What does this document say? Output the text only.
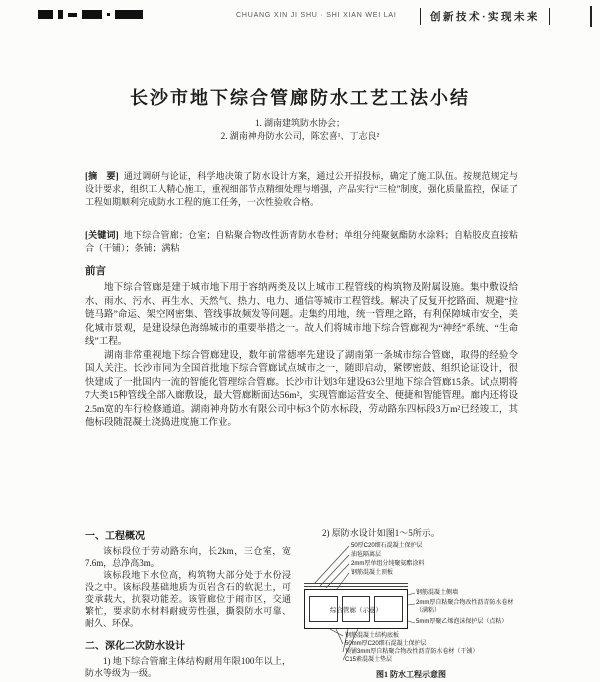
CHUANG XIN JI SHU · SHI XIAN WEI LAI	创新技术·实现未来
长沙市地下综合管廊防水工艺工法小结
1. 湖南建筑防水协会；
2. 湖南神舟防水公司，陈宏喜¹、丁志良²

[摘　要] 通过调研与论证，科学地决策了防水设计方案，通过公开招投标，确定了施工队伍。按规范规定与设计要求，组织工人精心施工，重视细部节点精细处理与增强，产品实行“三检”制度，强化质量监控，保证了工程如期顺利完成防水工程的施工任务，一次性验收合格。

[关键词] 地下综合管廊；仓室；自粘聚合物改性沥青防水卷材；单组分纯聚氨酯防水涂料；自粘胶皮直接粘合（干铺）；条铺；满粘

前言

地下综合管廊是建于城市地下用于容纳两类及以上城市工程管线的构筑物及附属设施。集中敷设给水、雨水、污水、再生水、天然气、热力、电力、通信等城市工程管线。解决了反复开挖路面、规避“拉链马路”命运、架空网密集、管线事故频发等问题。走集约用地，统一管理之路，有利保障城市安全，美化城市景观，是建设绿色海绵城市的重要举措之一。故人们将城市地下综合管廊视为“神经”系统、“生命线”工程。

湖南非常重视地下综合管廊建设，数年前常德率先建设了湖南第一条城市综合管廊，取得的经验令国人关注。长沙市同为全国首批地下综合管廊试点城市之一，随即启动，紧锣密鼓、组织论证设计，很快建成了一批国内一流的智能化管理综合管廊。长沙市计划3年建设63公里地下综合管廊15条。试点期将7大类15种管线全部入廊敷设，最大管廊断面达56m²，实现管廊运营安全、便捷和智能管理。廊内还将设2.5m宽的车行检修通道。湖南神舟防水有限公司中标3个防水标段，劳动路东四标段3万m²已经竣工，其他标段随混凝土浇捣进度施工作业。

一、工程概况

该标段位于劳动路东向，长2km，三仓室，宽7.6m，总净高3m。

该标段地下水位高，构筑物大部分处于水份浸没之中。该标段基础地质为页岩含石的软泥土，可变承载大，抗裂功能差。该管廊位于闹市区，交通繁忙，要求防水材料耐疲劳性强，撕裂防水可靠、耐久、环保。

二、深化二次防水设计

1) 地下综合管廊主体结构耐用年限100年以上，防水等级为一级。

2) 原防水设计如图1～5所示。

综合管廊（示意）
50厚C20细石混凝土保护层
油毡隔离层
2mm厚单组分纯聚氨酯涂料
钢筋混凝土顶板
钢筋混凝土侧墙
2mm厚自粘聚合物改性沥青防水卷材（满粘）
5mm厚聚乙烯泡沫保护层（点粘）
钢筋混凝土结构底板
50mm厚C20细石混凝土保护层
预铺3mm厚自粘聚合物改性沥青防水卷材（干铺）
C15素混凝土垫层
图1 防水工程示意图
